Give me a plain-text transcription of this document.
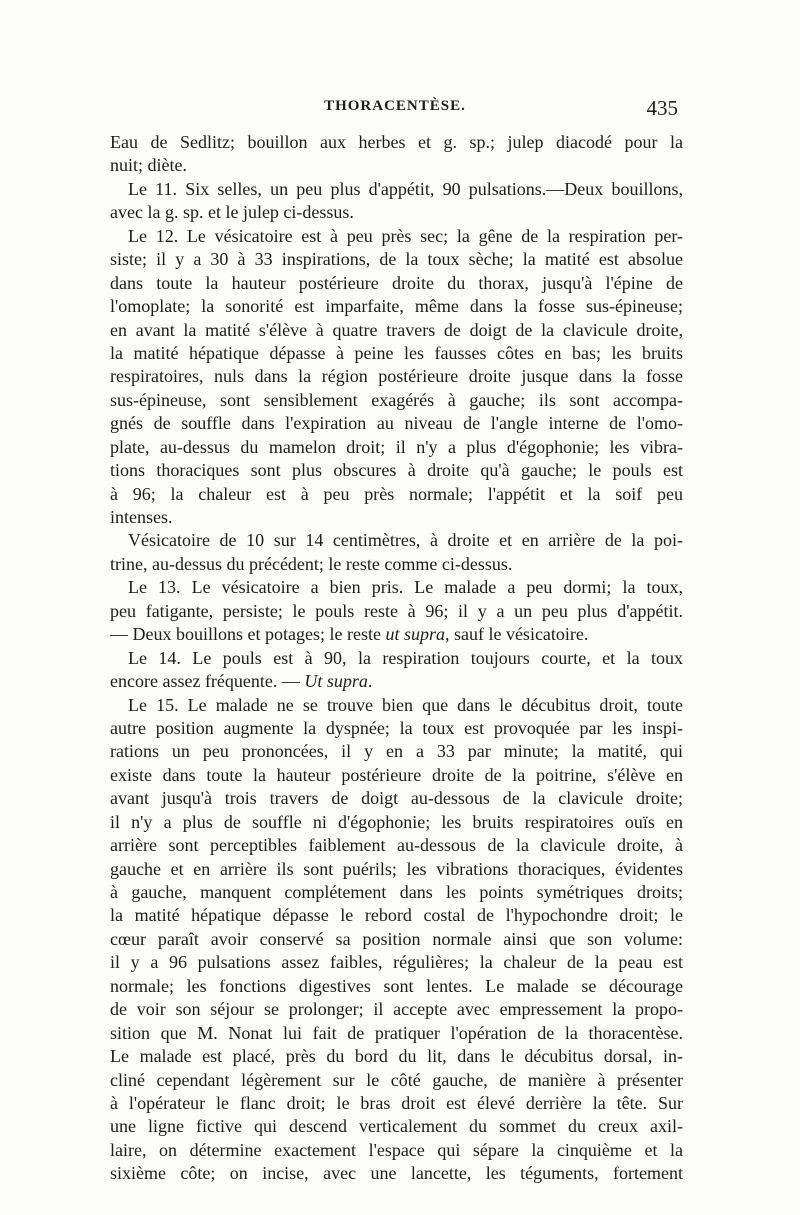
THORACENTÈSE.	435
Eau de Sedlitz; bouillon aux herbes et g. sp.; julep diacodé pour la
nuit; diète.
Le 11. Six selles, un peu plus d'appétit, 90 pulsations.—Deux bouillons,
avec la g. sp. et le julep ci-dessus.
Le 12. Le vésicatoire est à peu près sec; la gêne de la respiration per-
siste; il y a 30 à 33 inspirations, de la toux sèche; la matité est absolue
dans toute la hauteur postérieure droite du thorax, jusqu'à l'épine de
l'omoplate; la sonorité est imparfaite, même dans la fosse sus-épineuse;
en avant la matité s'élève à quatre travers de doigt de la clavicule droite,
la matité hépatique dépasse à peine les fausses côtes en bas; les bruits
respiratoires, nuls dans la région postérieure droite jusque dans la fosse
sus-épineuse, sont sensiblement exagérés à gauche; ils sont accompa-
gnés de souffle dans l'expiration au niveau de l'angle interne de l'omo-
plate, au-dessus du mamelon droit; il n'y a plus d'égophonie; les vibra-
tions thoraciques sont plus obscures à droite qu'à gauche; le pouls est
à 96; la chaleur est à peu près normale; l'appétit et la soif peu
intenses.
Vésicatoire de 10 sur 14 centimètres, à droite et en arrière de la poi-
trine, au-dessus du précédent; le reste comme ci-dessus.
Le 13. Le vésicatoire a bien pris. Le malade a peu dormi; la toux,
peu fatigante, persiste; le pouls reste à 96; il y a un peu plus d'appétit.
— Deux bouillons et potages; le reste ut supra, sauf le vésicatoire.
Le 14. Le pouls est à 90, la respiration toujours courte, et la toux
encore assez fréquente. — Ut supra.
Le 15. Le malade ne se trouve bien que dans le décubitus droit, toute
autre position augmente la dyspnée; la toux est provoquée par les inspi-
rations un peu prononcées, il y en a 33 par minute; la matité, qui
existe dans toute la hauteur postérieure droite de la poitrine, s'élève en
avant jusqu'à trois travers de doigt au-dessous de la clavicule droite;
il n'y a plus de souffle ni d'égophonie; les bruits respiratoires ouïs en
arrière sont perceptibles faiblement au-dessous de la clavicule droite, à
gauche et en arrière ils sont puérils; les vibrations thoraciques, évidentes
à gauche, manquent complétement dans les points symétriques droits;
la matité hépatique dépasse le rebord costal de l'hypochondre droit; le
cœur paraît avoir conservé sa position normale ainsi que son volume:
il y a 96 pulsations assez faibles, régulières; la chaleur de la peau est
normale; les fonctions digestives sont lentes. Le malade se décourage
de voir son séjour se prolonger; il accepte avec empressement la propo-
sition que M. Nonat lui fait de pratiquer l'opération de la thoracentèse.
Le malade est placé, près du bord du lit, dans le décubitus dorsal, in-
cliné cependant légèrement sur le côté gauche, de manière à présenter
à l'opérateur le flanc droit; le bras droit est élevé derrière la tête. Sur
une ligne fictive qui descend verticalement du sommet du creux axil-
laire, on détermine exactement l'espace qui sépare la cinquième et la
sixième côte; on incise, avec une lancette, les téguments, fortement
